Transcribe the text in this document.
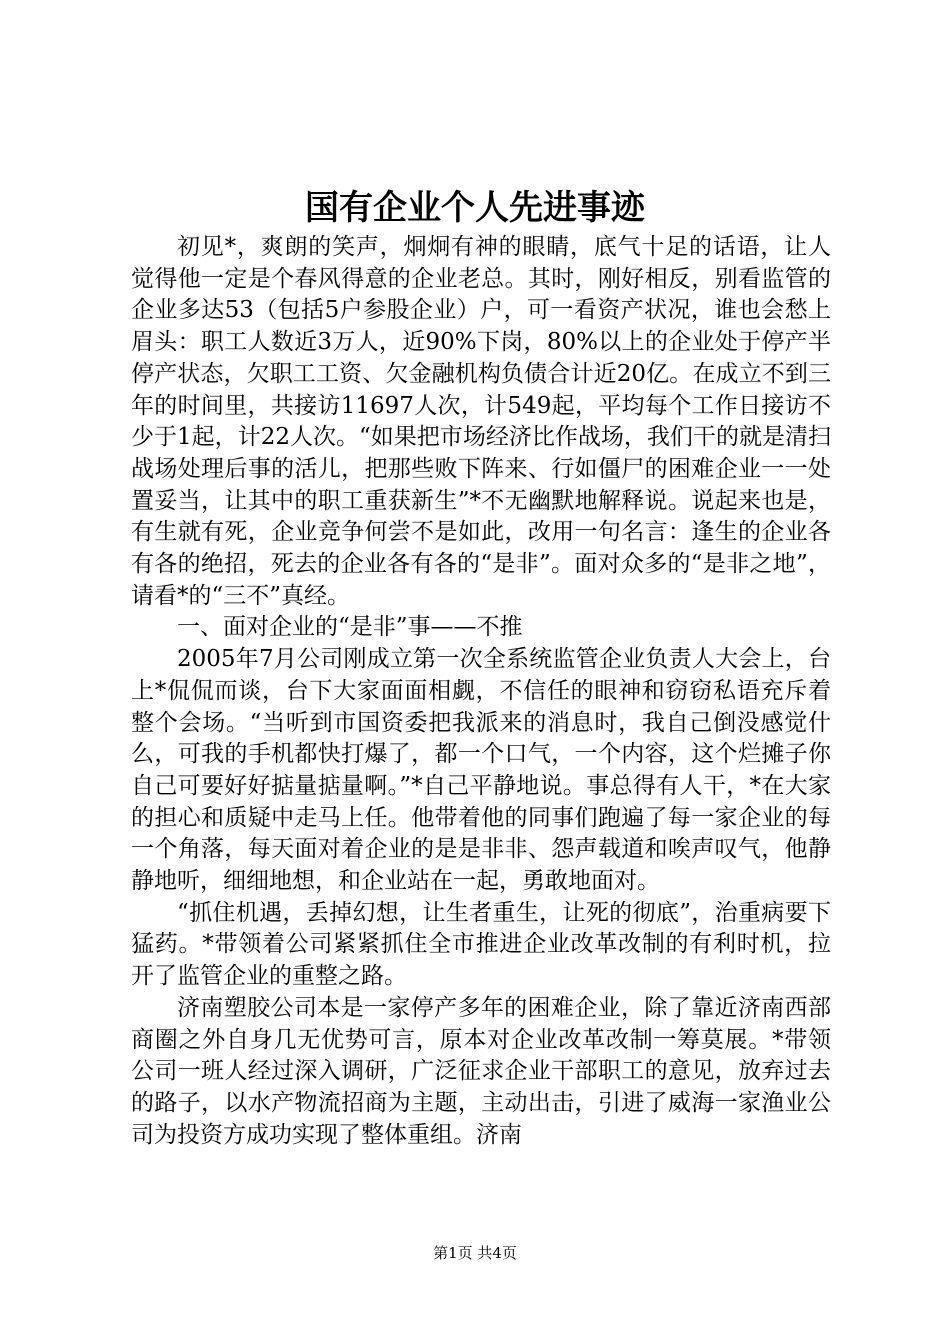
国有企业个人先进事迹

初见*，爽朗的笑声，炯炯有神的眼睛，底气十足的话语，让人觉得他一定是个春风得意的企业老总。其时，刚好相反，别看监管的企业多达53（包括5户参股企业）户，可一看资产状况，谁也会愁上眉头：职工人数近3万人，近90%下岗，80%以上的企业处于停产半停产状态，欠职工工资、欠金融机构负债合计近20亿。在成立不到三年的时间里，共接访11697人次，计549起，平均每个工作日接访不少于1起，计22人次。“如果把市场经济比作战场，我们干的就是清扫战场处理后事的活儿，把那些败下阵来、行如僵尸的困难企业一一处置妥当，让其中的职工重获新生”*不无幽默地解释说。说起来也是，有生就有死，企业竞争何尝不是如此，改用一句名言：逢生的企业各有各的绝招，死去的企业各有各的“是非”。面对众多的“是非之地”，请看*的“三不”真经。

一、面对企业的“是非”事——不推

2005年7月公司刚成立第一次全系统监管企业负责人大会上，台上*侃侃而谈，台下大家面面相觑，不信任的眼神和窃窃私语充斥着整个会场。“当听到市国资委把我派来的消息时，我自己倒没感觉什么，可我的手机都快打爆了，都一个口气，一个内容，这个烂摊子你自己可要好好掂量掂量啊。”*自己平静地说。事总得有人干，*在大家的担心和质疑中走马上任。他带着他的同事们跑遍了每一家企业的每一个角落，每天面对着企业的是是非非、怨声载道和唉声叹气，他静静地听，细细地想，和企业站在一起，勇敢地面对。

“抓住机遇，丢掉幻想，让生者重生，让死的彻底”，治重病要下猛药。*带领着公司紧紧抓住全市推进企业改革改制的有利时机，拉开了监管企业的重整之路。

济南塑胶公司本是一家停产多年的困难企业，除了靠近济南西部商圈之外自身几无优势可言，原本对企业改革改制一筹莫展。*带领公司一班人经过深入调研，广泛征求企业干部职工的意见，放弃过去的路子，以水产物流招商为主题，主动出击，引进了威海一家渔业公司为投资方成功实现了整体重组。济南

第1页 共4页
